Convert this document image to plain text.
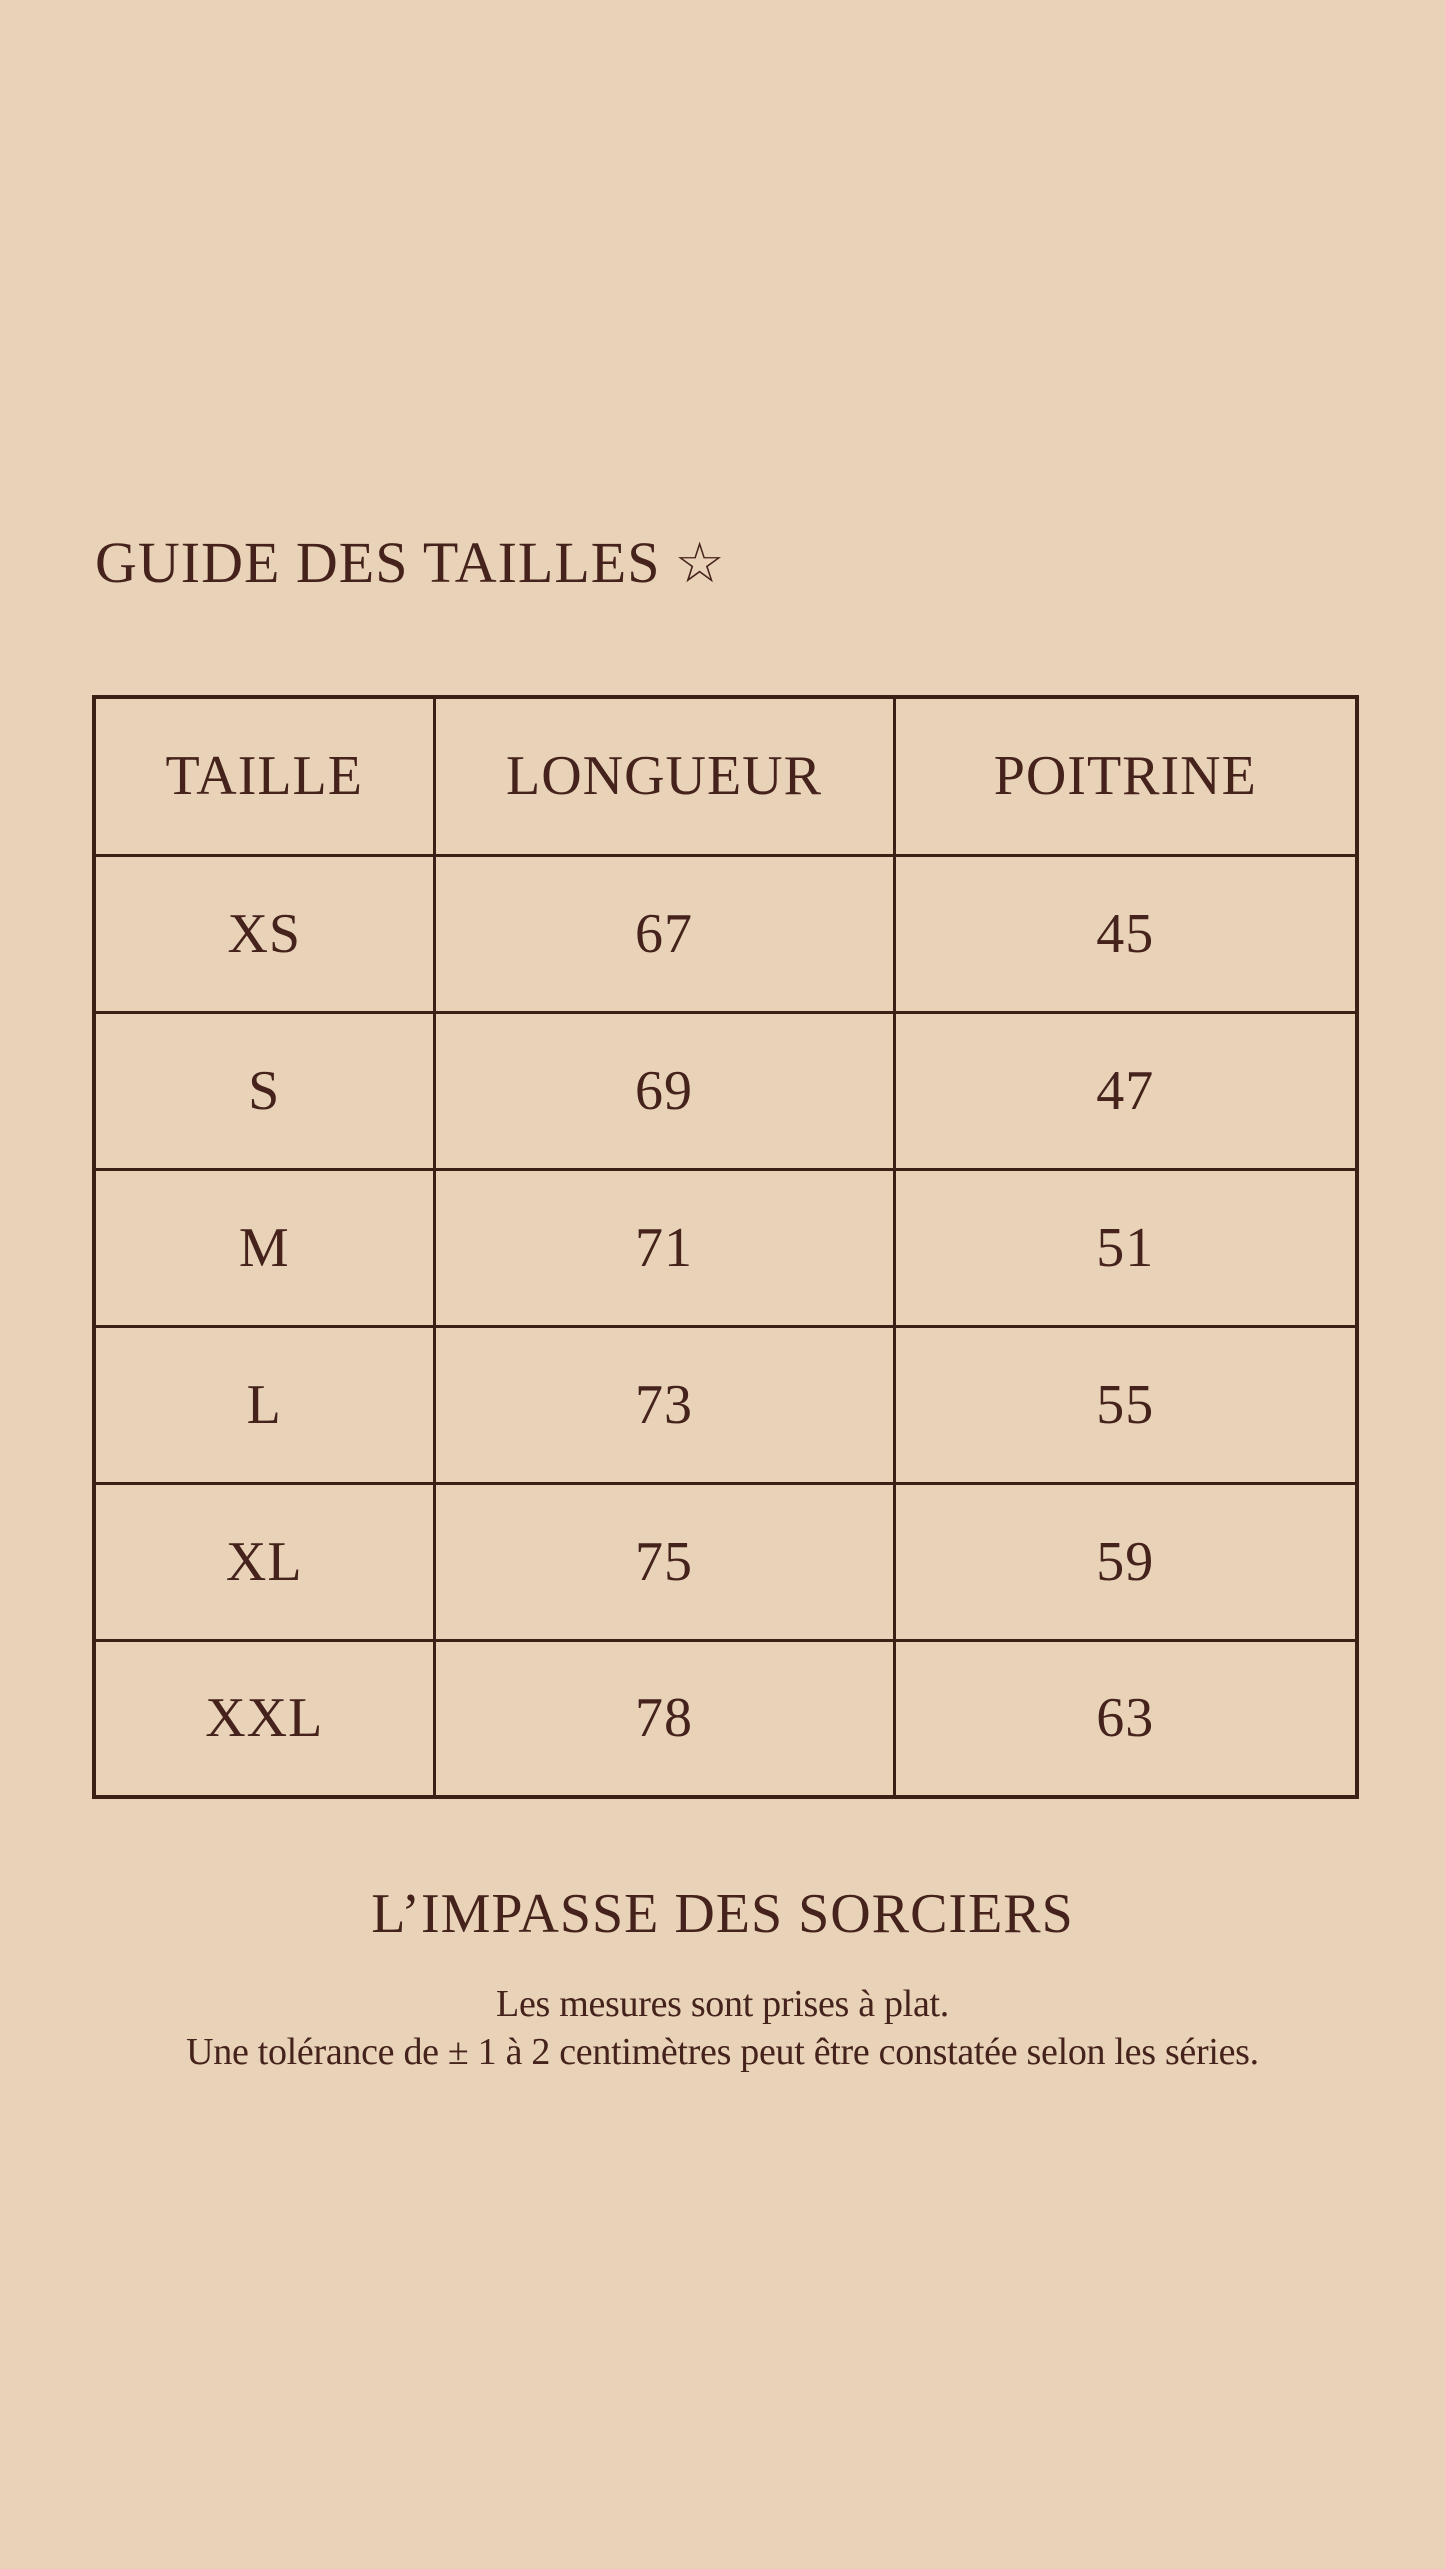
GUIDE DES TAILLES ☆
TAILLE	LONGUEUR	POITRINE
XS	67	45
S	69	47
M	71	51
L	73	55
XL	75	59
XXL	78	63
L’IMPASSE DES SORCIERS
Les mesures sont prises à plat.
Une tolérance de ± 1 à 2 centimètres peut être constatée selon les séries.
